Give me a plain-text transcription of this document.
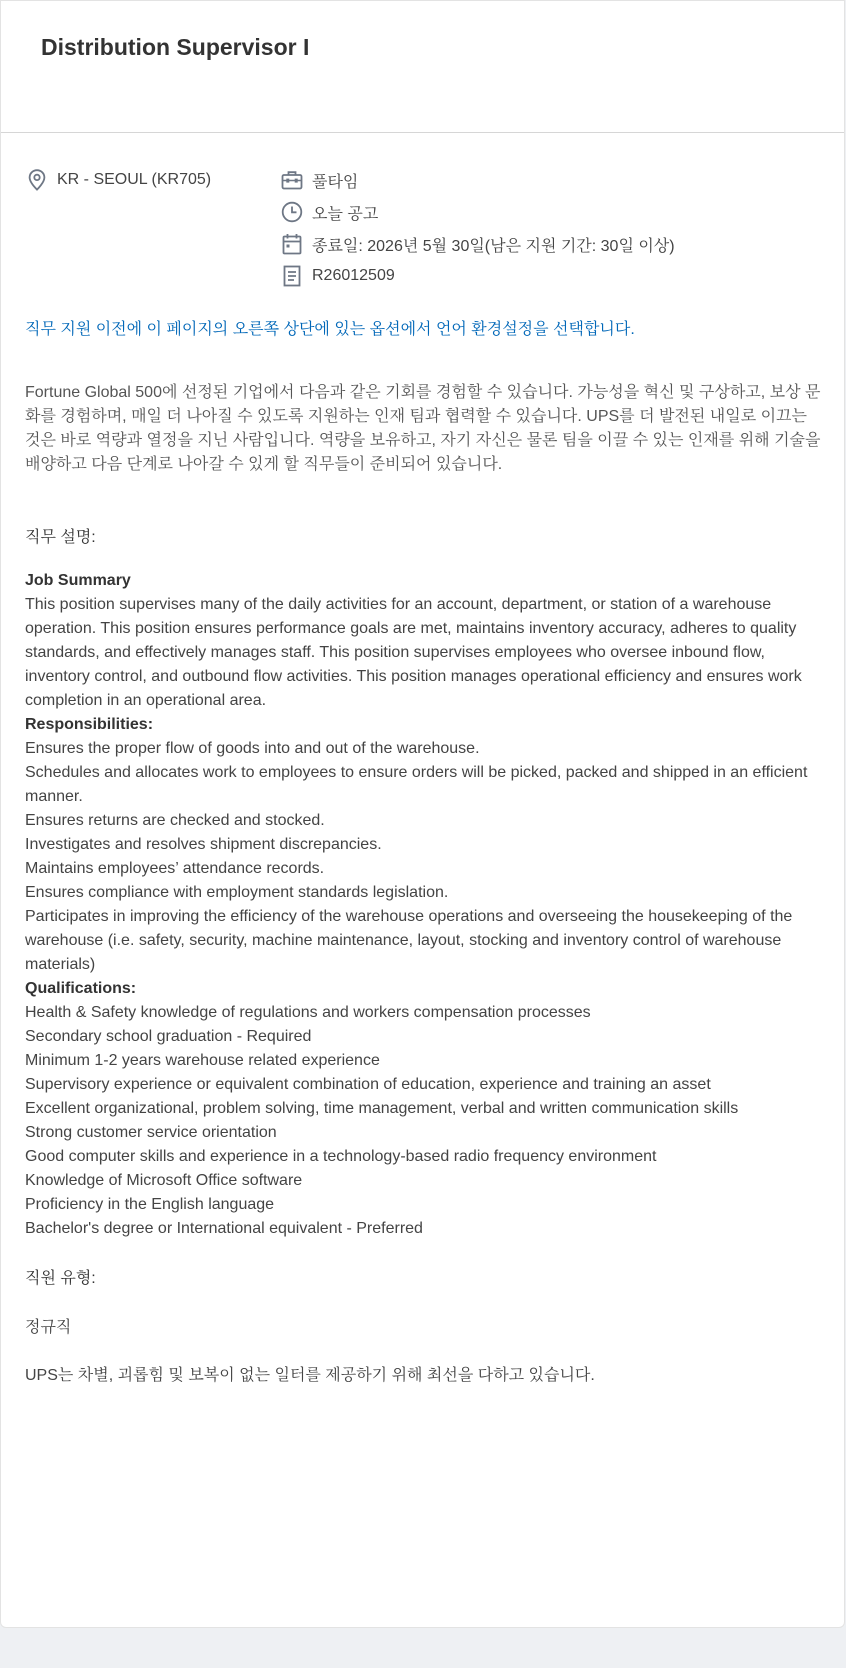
Distribution Supervisor I
KR - SEOUL (KR705)	풀타임
오늘 공고
종료일: 2026년 5월 30일(남은 지원 기간: 30일 이상)
R26012509

직무 지원 이전에 이 페이지의 오른쪽 상단에 있는 옵션에서 언어 환경설정을 선택합니다.

Fortune Global 500에 선정된 기업에서 다음과 같은 기회를 경험할 수 있습니다. 가능성을 혁신 및 구상하고, 보상 문화를 경험하며, 매일 더 나아질 수 있도록 지원하는 인재 팀과 협력할 수 있습니다. UPS를 더 발전된 내일로 이끄는 것은 바로 역량과 열정을 지닌 사람입니다. 역량을 보유하고, 자기 자신은 물론 팀을 이끌 수 있는 인재를 위해 기술을 배양하고 다음 단계로 나아갈 수 있게 할 직무들이 준비되어 있습니다.

직무 설명:

Job Summary

This position supervises many of the daily activities for an account, department, or station of a warehouse operation. This position ensures performance goals are met, maintains inventory accuracy, adheres to quality standards, and effectively manages staff. This position supervises employees who oversee inbound flow, inventory control, and outbound flow activities. This position manages operational efficiency and ensures work completion in an operational area.

Responsibilities:

Ensures the proper flow of goods into and out of the warehouse.

Schedules and allocates work to employees to ensure orders will be picked, packed and shipped in an efficient manner.

Ensures returns are checked and stocked.

Investigates and resolves shipment discrepancies.

Maintains employees’ attendance records.

Ensures compliance with employment standards legislation.

Participates in improving the efficiency of the warehouse operations and overseeing the housekeeping of the warehouse (i.e. safety, security, machine maintenance, layout, stocking and inventory control of warehouse materials)

Qualifications:

Health & Safety knowledge of regulations and workers compensation processes

Secondary school graduation - Required

Minimum 1-2 years warehouse related experience

Supervisory experience or equivalent combination of education, experience and training an asset

Excellent organizational, problem solving, time management, verbal and written communication skills

Strong customer service orientation

Good computer skills and experience in a technology-based radio frequency environment

Knowledge of Microsoft Office software

Proficiency in the English language

Bachelor's degree or International equivalent - Preferred

직원 유형:

정규직

UPS는 차별, 괴롭힘 및 보복이 없는 일터를 제공하기 위해 최선을 다하고 있습니다.
